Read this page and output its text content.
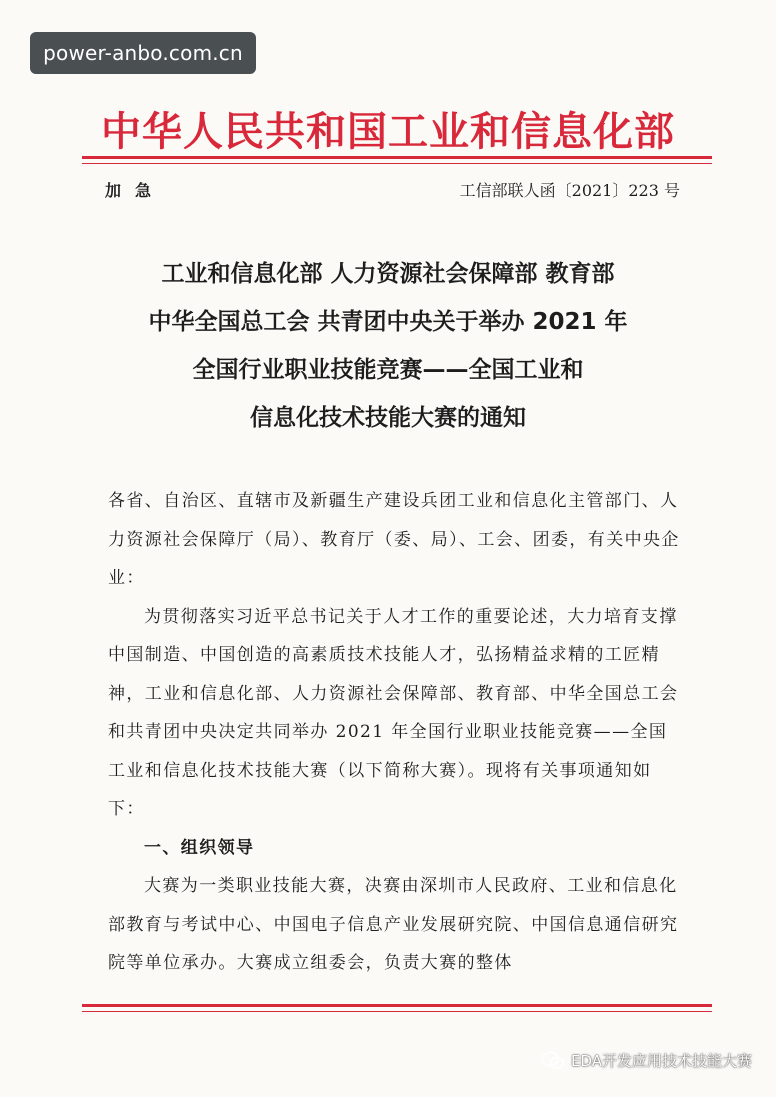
power-anbo.com.cn
中华人民共和国工业和信息化部
加急	工信部联人函〔2021〕223 号
工业和信息化部 人力资源社会保障部 教育部
中华全国总工会 共青团中央关于举办 2021 年
全国行业职业技能竞赛——全国工业和
信息化技术技能大赛的通知

各省、自治区、直辖市及新疆生产建设兵团工业和信息化主管部门、人力资源社会保障厅（局）、教育厅（委、局）、工会、团委，有关中央企业：

为贯彻落实习近平总书记关于人才工作的重要论述，大力培育支撑中国制造、中国创造的高素质技术技能人才，弘扬精益求精的工匠精神，工业和信息化部、人力资源社会保障部、教育部、中华全国总工会和共青团中央决定共同举办 2021 年全国行业职业技能竞赛——全国工业和信息化技术技能大赛（以下简称大赛）。现将有关事项通知如下：

一、组织领导

大赛为一类职业技能大赛，决赛由深圳市人民政府、工业和信息化部教育与考试中心、中国电子信息产业发展研究院、中国信息通信研究院等单位承办。大赛成立组委会，负责大赛的整体

EDA开发应用技术技能大赛
